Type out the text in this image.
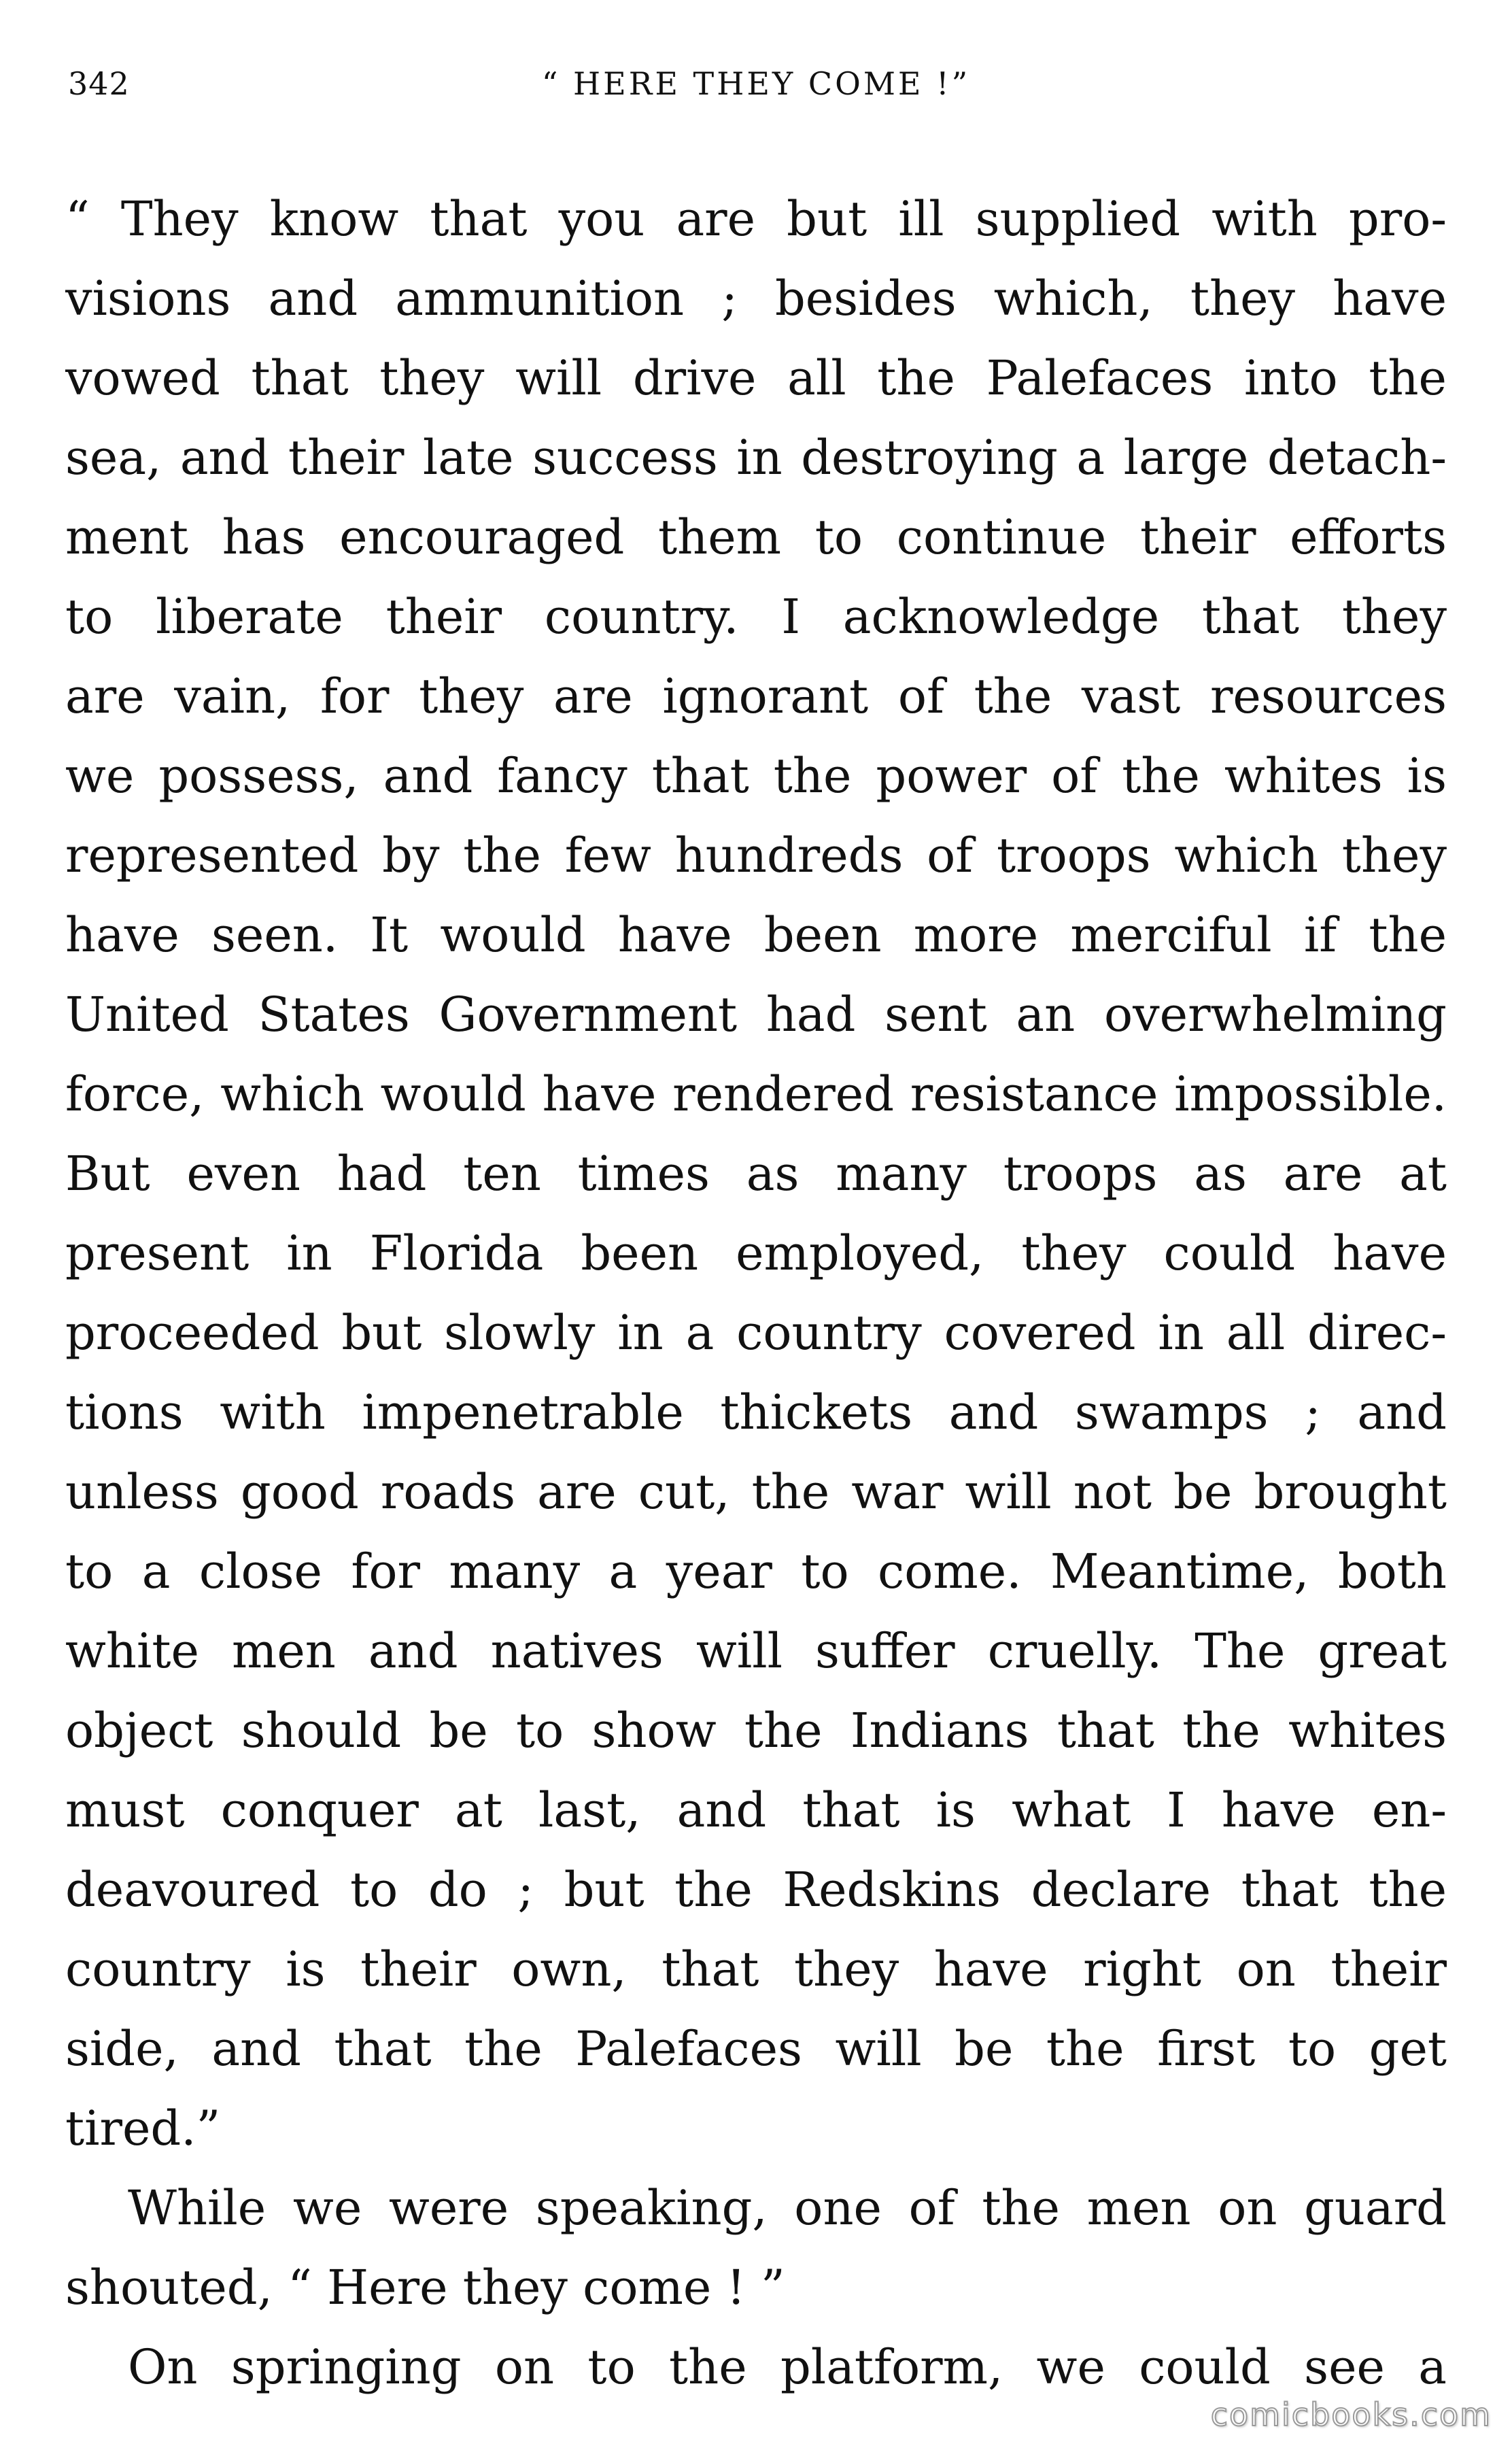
342	“ HERE THEY COME !”
“ They know that you are but ill supplied with pro-
visions and ammunition ; besides which, they have
vowed that they will drive all the Palefaces into the
sea, and their late success in destroying a large detach-
ment has encouraged them to continue their efforts
to liberate their country. I acknowledge that they
are vain, for they are ignorant of the vast resources
we possess, and fancy that the power of the whites is
represented by the few hundreds of troops which they
have seen. It would have been more merciful if the
United States Government had sent an overwhelming
force, which would have rendered resistance impossible.
But even had ten times as many troops as are at
present in Florida been employed, they could have
proceeded but slowly in a country covered in all direc-
tions with impenetrable thickets and swamps ; and
unless good roads are cut, the war will not be brought
to a close for many a year to come. Meantime, both
white men and natives will suffer cruelly. The great
object should be to show the Indians that the whites
must conquer at last, and that is what I have en-
deavoured to do ; but the Redskins declare that the
country is their own, that they have right on their
side, and that the Palefaces will be the first to get
tired.”
While we were speaking, one of the men on guard
shouted, “ Here they come ! ”
On springing on to the platform, we could see a
comicbooks.com
